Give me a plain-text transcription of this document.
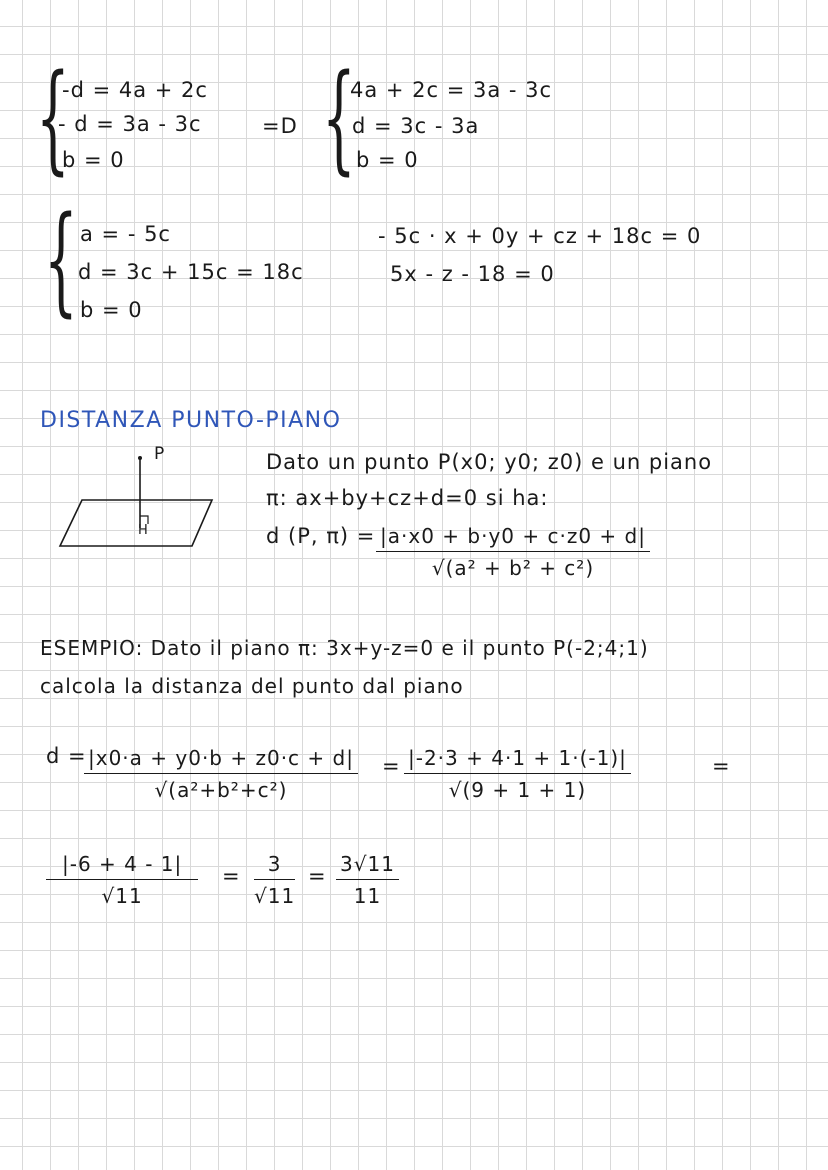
{
-d = 4a + 2c
- d = 3a - 3c
b = 0
=D {
4a + 2c = 3a - 3c
d = 3c - 3a
b = 0
{ a = - 5c
d = 3c + 15c = 18c
b = 0
- 5c · x + 0y + cz + 18c = 0
5x - z - 18 = 0
DISTANZA PUNTO-PIANO
P
H
Dato un punto P(x0; y0; z0) e un piano
π: ax+by+cz+d=0 si ha:
d (P, $\pi) = \frac{|a\cdot x0 + b\cdot y0 + c\cdot z0 + d|}{\text{√(a² + b² + c²)}}$
ESEMPIO: Dato il piano π: 3x+y-z=0 e il punto P(-2;4;1)
calcola la distanza del punto dal piano
d =
$\frac{|x0\cdot a + y0\cdot b + z0\cdot c + d|}{\text{√(a²+b²+c²)}} = \frac{|-2\cdot 3 + 4\cdot 1 + 1\cdot(-1)|}{√(9 + 1 + 1)}$	=
$\frac{|-6 + 4 - 1|}{√11} = \frac{3}{√11} = \frac{3√11}{11}$
